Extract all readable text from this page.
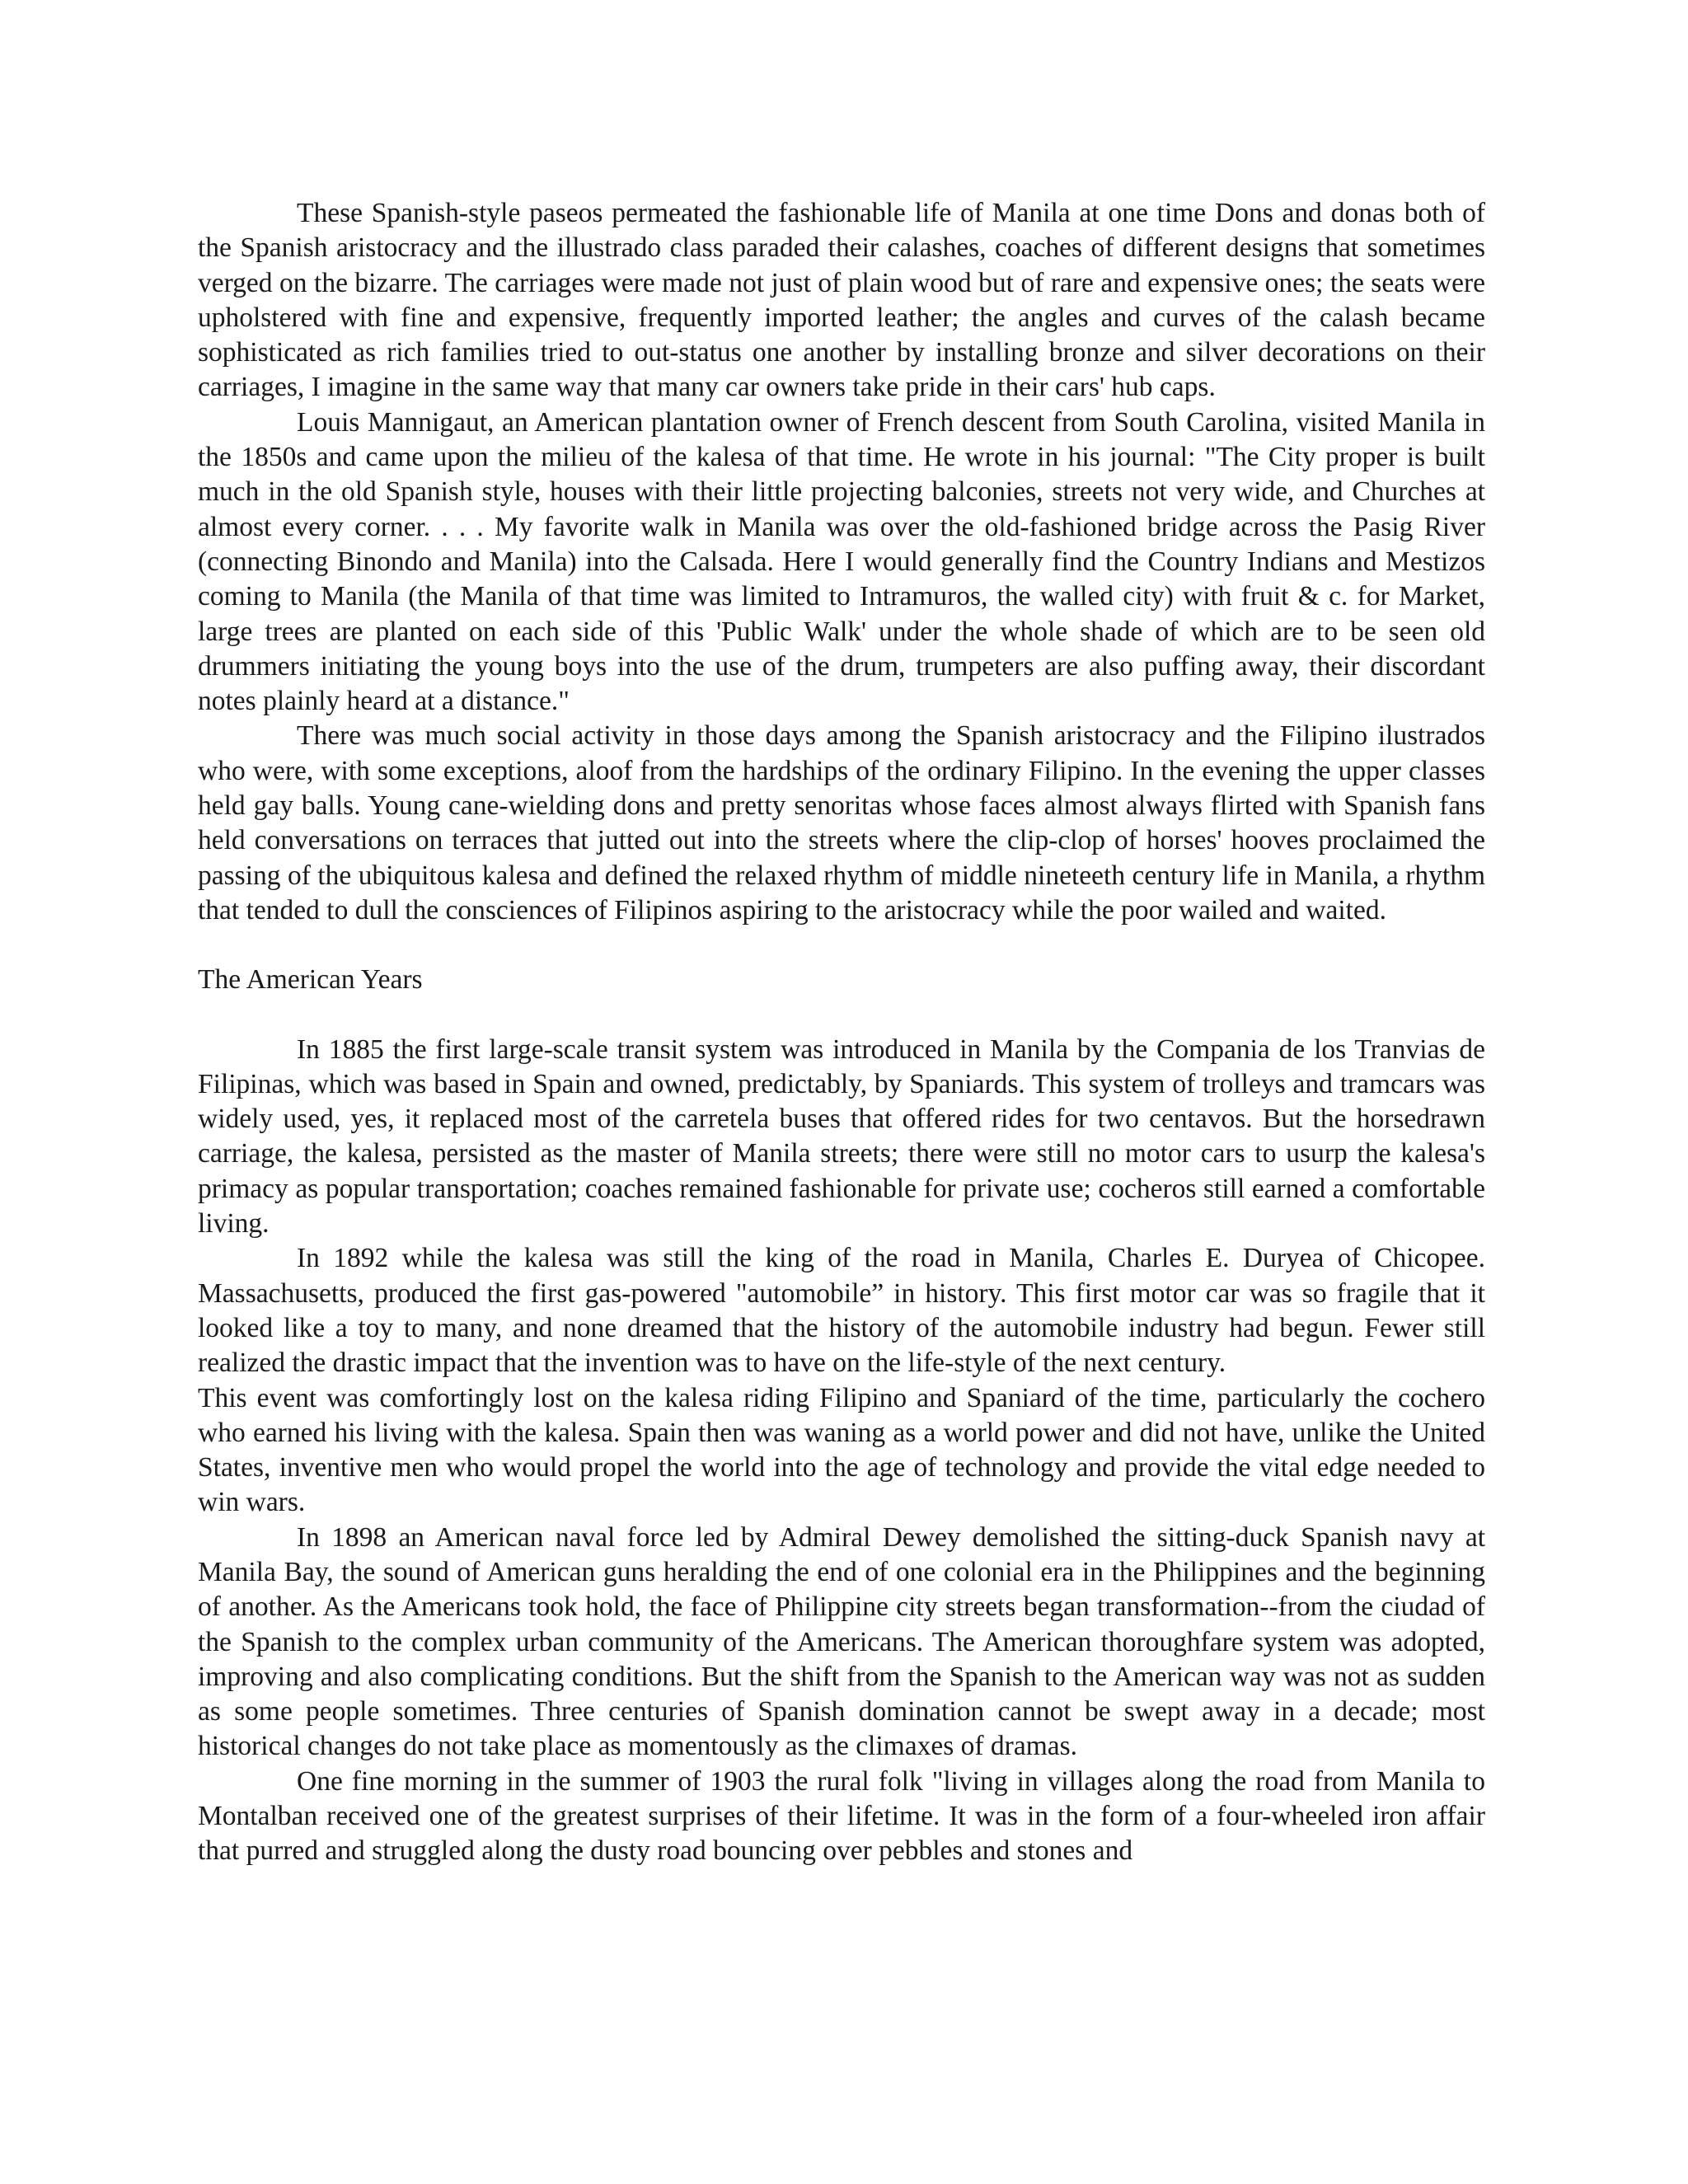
These Spanish-style paseos permeated the fashionable life of Manila at one time Dons and donas both of the Spanish aristocracy and the illustrado class paraded their calashes, coaches of different designs that sometimes verged on the bizarre. The carriages were made not just of plain wood but of rare and expensive ones; the seats were upholstered with fine and expensive, frequently imported leather; the angles and curves of the calash became sophisticated as rich families tried to out-status one another by installing bronze and silver decorations on their carriages, I imagine in the same way that many car owners take pride in their cars' hub caps.

Louis Mannigaut, an American plantation owner of French descent from South Carolina, visited Manila in the 1850s and came upon the milieu of the kalesa of that time. He wrote in his journal: "The City proper is built much in the old Spanish style, houses with their little projecting balconies, streets not very wide, and Churches at almost every corner. . . . My favorite walk in Manila was over the old-fashioned bridge across the Pasig River (connecting Binondo and Manila) into the Calsada. Here I would generally find the Country Indians and Mestizos coming to Manila (the Manila of that time was limited to Intramuros, the walled city) with fruit & c. for Market, large trees are planted on each side of this 'Public Walk' under the whole shade of which are to be seen old drummers initiating the young boys into the use of the drum, trumpeters are also puffing away, their discordant notes plainly heard at a distance."

There was much social activity in those days among the Spanish aristocracy and the Filipino ilustrados who were, with some exceptions, aloof from the hardships of the ordinary Filipino. In the evening the upper classes held gay balls. Young cane-wielding dons and pretty senoritas whose faces almost always flirted with Spanish fans held conversations on terraces that jutted out into the streets where the clip-clop of horses' hooves proclaimed the passing of the ubiquitous kalesa and defined the relaxed rhythm of middle nineteeth century life in Manila, a rhythm that tended to dull the consciences of Filipinos aspiring to the aristocracy while the poor wailed and waited.

The American Years

In 1885 the first large-scale transit system was introduced in Manila by the Compania de los Tranvias de Filipinas, which was based in Spain and owned, predictably, by Spaniards. This system of trolleys and tramcars was widely used, yes, it replaced most of the carretela buses that offered rides for two centavos. But the horsedrawn carriage, the kalesa, persisted as the master of Manila streets; there were still no motor cars to usurp the kalesa's primacy as popular transportation; coaches remained fashionable for private use; cocheros still earned a comfortable living.

In 1892 while the kalesa was still the king of the road in Manila, Charles E. Duryea of Chicopee. Massachusetts, produced the first gas-powered "automobile” in history. This first motor car was so fragile that it looked like a toy to many, and none dreamed that the history of the automobile industry had begun. Fewer still realized the drastic impact that the invention was to have on the life-style of the next century.

This event was comfortingly lost on the kalesa riding Filipino and Spaniard of the time, particularly the cochero who earned his living with the kalesa. Spain then was waning as a world power and did not have, unlike the United States, inventive men who would propel the world into the age of technology and provide the vital edge needed to win wars.

In 1898 an American naval force led by Admiral Dewey demolished the sitting-duck Spanish navy at Manila Bay, the sound of American guns heralding the end of one colonial era in the Philippines and the beginning of another. As the Americans took hold, the face of Philippine city streets began transformation--from the ciudad of the Spanish to the complex urban community of the Americans. The American thoroughfare system was adopted, improving and also complicating conditions. But the shift from the Spanish to the American way was not as sudden as some people sometimes. Three centuries of Spanish domination cannot be swept away in a decade; most historical changes do not take place as momentously as the climaxes of dramas.

One fine morning in the summer of 1903 the rural folk "living in villages along the road from Manila to Montalban received one of the greatest surprises of their lifetime. It was in the form of a four-wheeled iron affair that purred and struggled along the dusty road bouncing over pebbles and stones and
